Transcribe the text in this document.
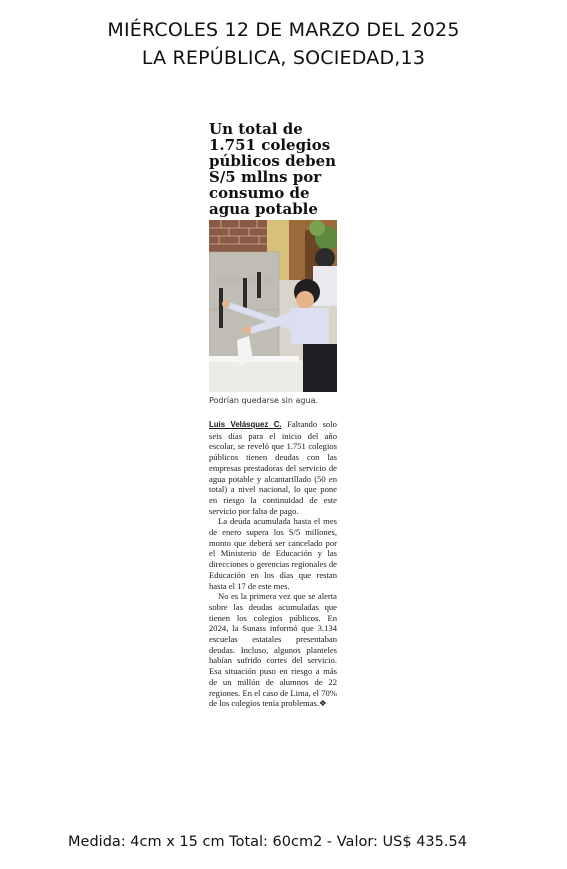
MIÉRCOLES 12 DE MARZO DEL 2025
LA REPÚBLICA, SOCIEDAD,13
Un total de 1.751 colegios públicos deben S/5 mllns por consumo de agua potable
Podrían quedarse sin agua.

Luis Velásquez C. Faltando solo seis días para el inicio del año escolar, se reveló que 1.751 colegios públicos tienen deudas con las empresas prestadoras del servicio de agua potable y alcantarillado (50 en total) a nivel nacional, lo que pone en riesgo la continuidad de este servicio por falta de pago.

La deuda acumulada hasta el mes de enero supera los S/5 millones, monto que deberá ser cancelado por el Ministerio de Educación y las direcciones o gerencias regionales de Educación en los días que restan hasta el 17 de este mes.

No es la primera vez que se alerta sobre las deudas acumuladas que tienen los colegios públicos. En 2024, la Sunass informó que 3.134 escuelas estatales presentaban deudas. Incluso, algunos planteles habían sufrido cortes del servicio. Esa situación puso en riesgo a más de un millón de alumnos de 22 regiones. En el caso de Lima, el 70% de los colegios tenía problemas.❖

Medida: 4cm x 15 cm Total: 60cm2 - Valor: US$ 435.54
